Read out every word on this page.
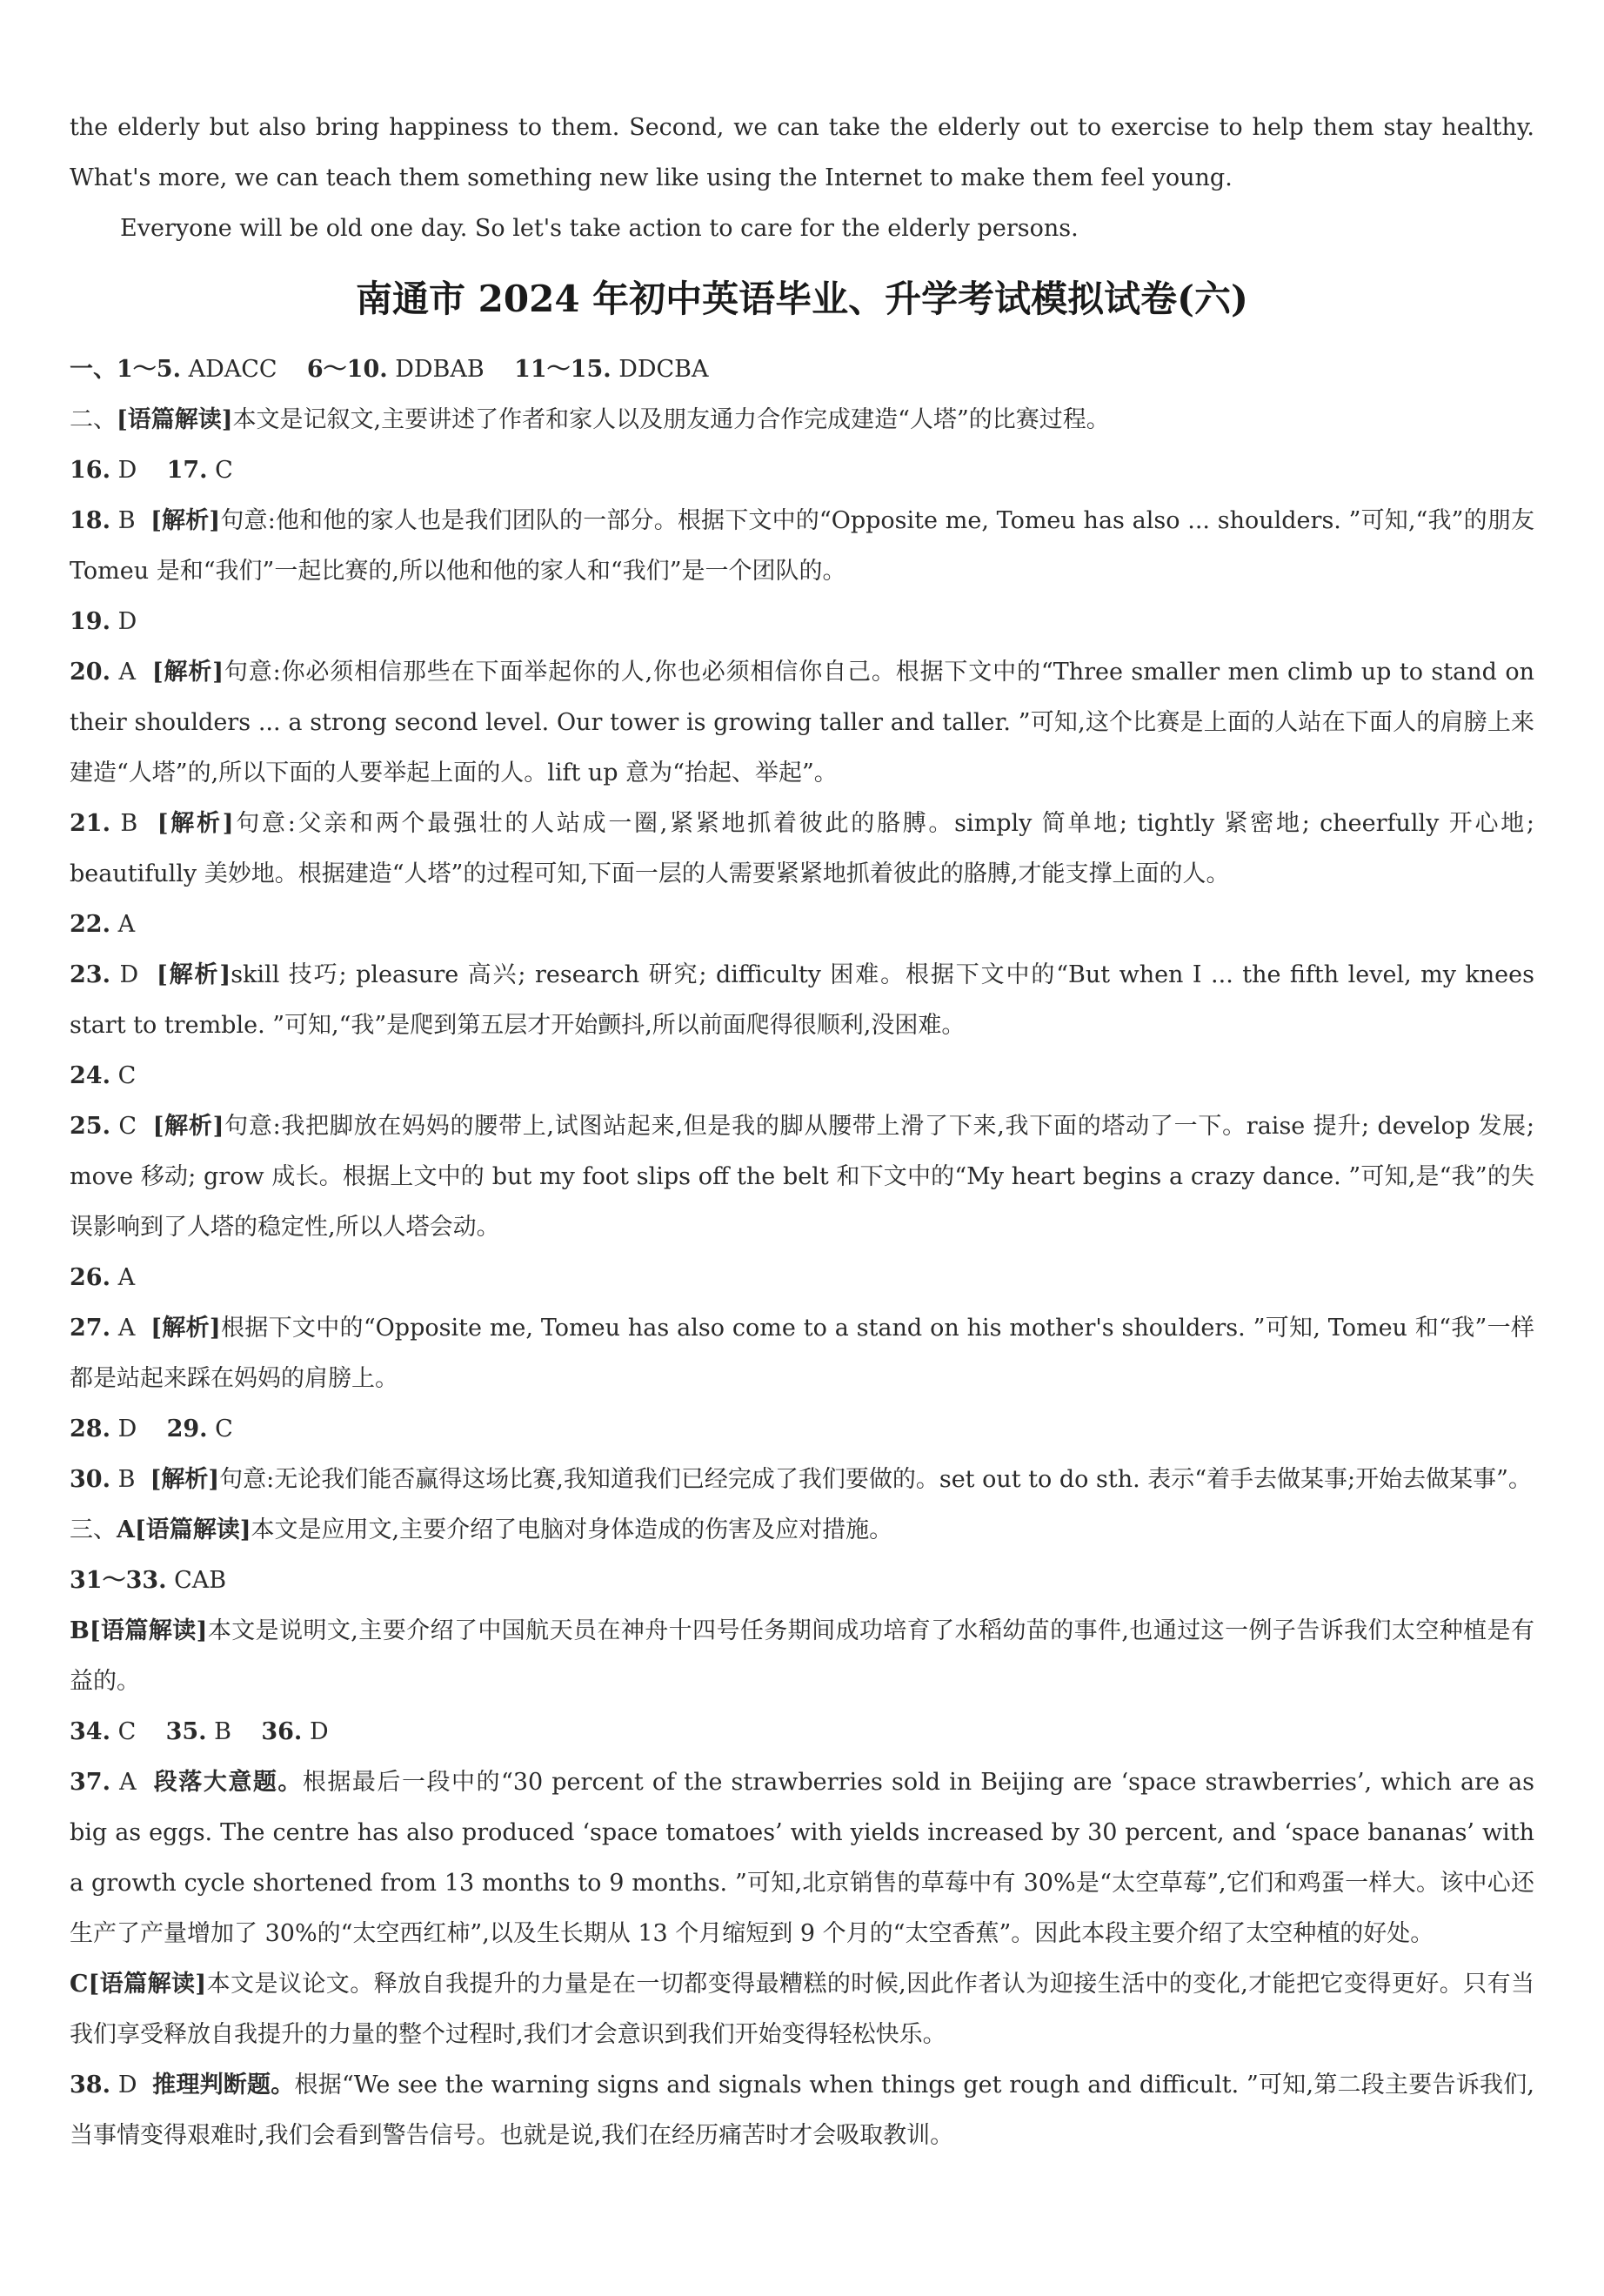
the elderly but also bring happiness to them. Second, we can take the elderly out to exercise to help them stay healthy. What's more, we can teach them something new like using the Internet to make them feel young.

Everyone will be old one day. So let's take action to care for the elderly persons.

南通市 2024 年初中英语毕业、升学考试模拟试卷(六)

一、1～5. ADACC 6～10. DDBAB 11～15. DDCBA

二、[语篇解读]本文是记叙文,主要讲述了作者和家人以及朋友通力合作完成建造“人塔”的比赛过程。

16. D 17. C

18. B [解析]句意:他和他的家人也是我们团队的一部分。根据下文中的“Opposite me, Tomeu has also ... shoulders. ”可知,“我”的朋友 Tomeu 是和“我们”一起比赛的,所以他和他的家人和“我们”是一个团队的。

19. D

20. A [解析]句意:你必须相信那些在下面举起你的人,你也必须相信你自己。根据下文中的“Three smaller men climb up to stand on their shoulders ... a strong second level. Our tower is growing taller and taller. ”可知,这个比赛是上面的人站在下面人的肩膀上来建造“人塔”的,所以下面的人要举起上面的人。lift up 意为“抬起、举起”。

21. B [解析]句意:父亲和两个最强壮的人站成一圈,紧紧地抓着彼此的胳膊。simply 简单地; tightly 紧密地; cheerfully 开心地; beautifully 美妙地。根据建造“人塔”的过程可知,下面一层的人需要紧紧地抓着彼此的胳膊,才能支撑上面的人。

22. A

23. D [解析]skill 技巧; pleasure 高兴; research 研究; difficulty 困难。根据下文中的“But when I ... the fifth level, my knees start to tremble. ”可知,“我”是爬到第五层才开始颤抖,所以前面爬得很顺利,没困难。

24. C

25. C [解析]句意:我把脚放在妈妈的腰带上,试图站起来,但是我的脚从腰带上滑了下来,我下面的塔动了一下。raise 提升; develop 发展; move 移动; grow 成长。根据上文中的 but my foot slips off the belt 和下文中的“My heart begins a crazy dance. ”可知,是“我”的失误影响到了人塔的稳定性,所以人塔会动。

26. A

27. A [解析]根据下文中的“Opposite me, Tomeu has also come to a stand on his mother's shoulders. ”可知, Tomeu 和“我”一样都是站起来踩在妈妈的肩膀上。

28. D 29. C

30. B [解析]句意:无论我们能否赢得这场比赛,我知道我们已经完成了我们要做的。set out to do sth. 表示“着手去做某事;开始去做某事”。

三、A[语篇解读]本文是应用文,主要介绍了电脑对身体造成的伤害及应对措施。

31～33. CAB

B[语篇解读]本文是说明文,主要介绍了中国航天员在神舟十四号任务期间成功培育了水稻幼苗的事件,也通过这一例子告诉我们太空种植是有益的。

34. C 35. B 36. D

37. A 段落大意题。根据最后一段中的“30 percent of the strawberries sold in Beijing are ‘space strawberries’, which are as big as eggs. The centre has also produced ‘space tomatoes’ with yields increased by 30 percent, and ‘space bananas’ with a growth cycle shortened from 13 months to 9 months. ”可知,北京销售的草莓中有 30%是“太空草莓”,它们和鸡蛋一样大。该中心还生产了产量增加了 30%的“太空西红柿”,以及生长期从 13 个月缩短到 9 个月的“太空香蕉”。因此本段主要介绍了太空种植的好处。

C[语篇解读]本文是议论文。释放自我提升的力量是在一切都变得最糟糕的时候,因此作者认为迎接生活中的变化,才能把它变得更好。只有当我们享受释放自我提升的力量的整个过程时,我们才会意识到我们开始变得轻松快乐。

38. D 推理判断题。根据“We see the warning signs and signals when things get rough and difficult. ”可知,第二段主要告诉我们,当事情变得艰难时,我们会看到警告信号。也就是说,我们在经历痛苦时才会吸取教训。
